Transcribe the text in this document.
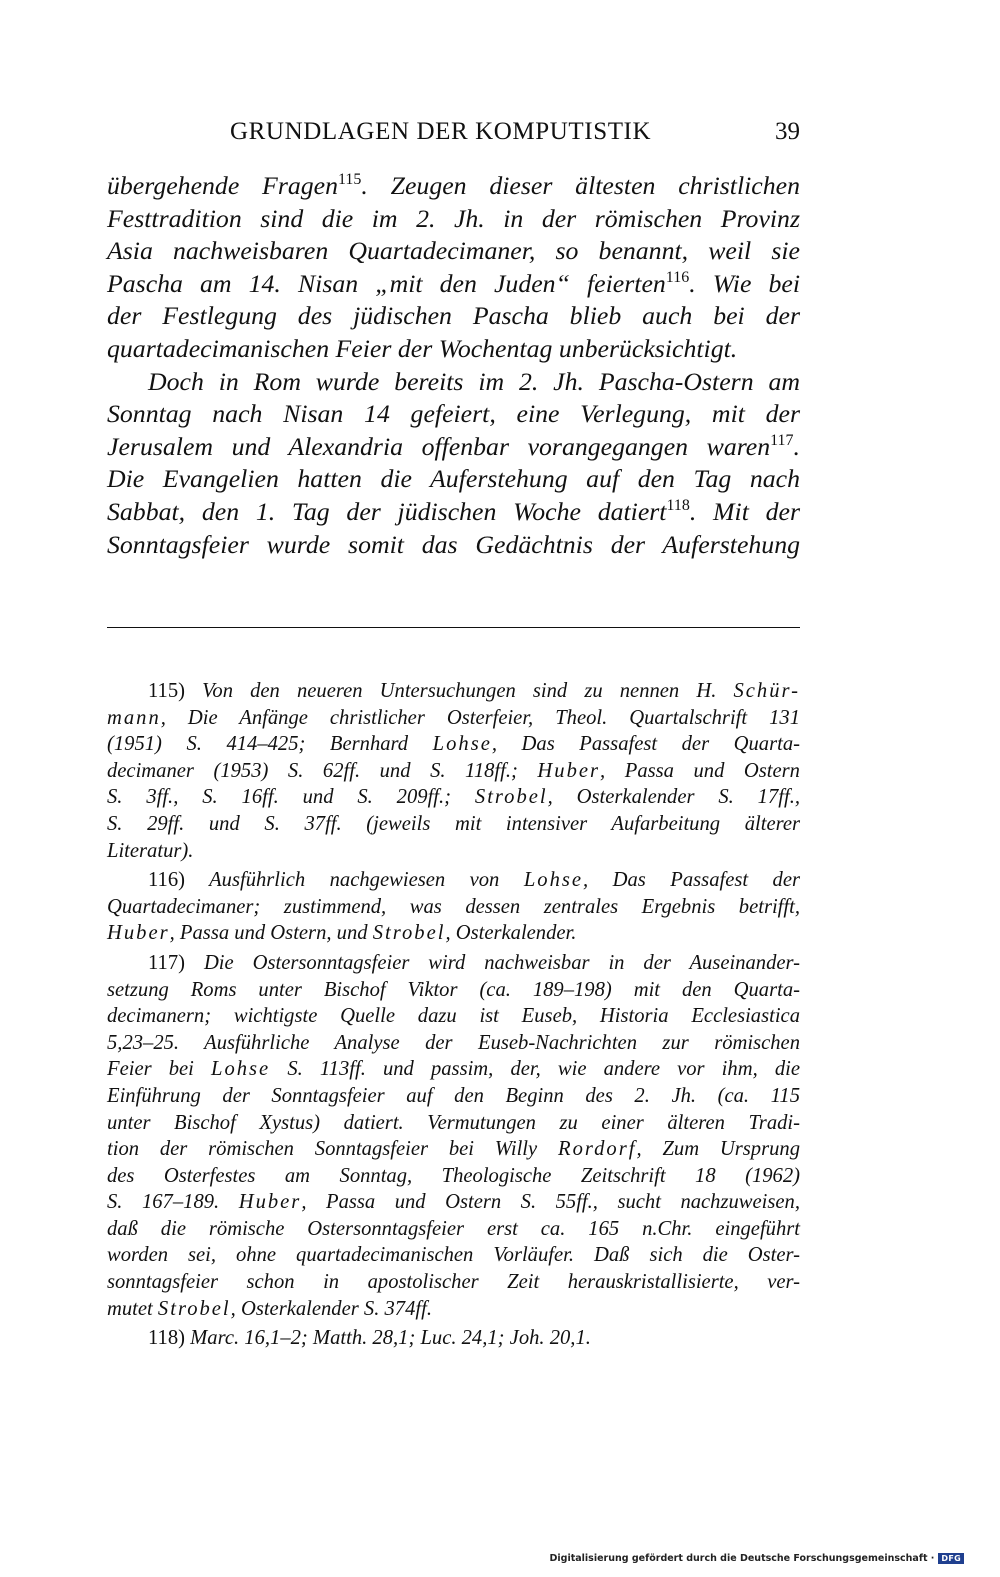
GRUNDLAGEN DER KOMPUTISTIK	39
übergehende Fragen$^{115}$. Zeugen dieser ältesten christlichen
Festtradition sind die im 2. Jh. in der römischen Provinz
Asia nachweisbaren Quartadecimaner, so benannt, weil sie
Pascha am 14. Nisan „mit den Juden“ feierten$^{116}$. Wie bei
der Festlegung des jüdischen Pascha blieb auch bei der
quartadecimanischen Feier der Wochentag unberücksichtigt.
Doch in Rom wurde bereits im 2. Jh. Pascha-Ostern am
Sonntag nach Nisan 14 gefeiert, eine Verlegung, mit der
Jerusalem und Alexandria offenbar vorangegangen waren$^{117}$.
Die Evangelien hatten die Auferstehung auf den Tag nach
Sabbat, den 1. Tag der jüdischen Woche datiert$^{118}$. Mit der
Sonntagsfeier wurde somit das Gedächtnis der Auferstehung
115) Von den neueren Untersuchungen sind zu nennen H. Schür-
mann, Die Anfänge christlicher Osterfeier, Theol. Quartalschrift 131
(1951) S. 414–425; Bernhard Lohse, Das Passafest der Quarta-
decimaner (1953) S. 62ff. und S. 118ff.; Huber, Passa und Ostern
S. 3ff., S. 16ff. und S. 209ff.; Strobel, Osterkalender S. 17ff.,
S. 29ff. und S. 37ff. (jeweils mit intensiver Aufarbeitung älterer
Literatur).
116) Ausführlich nachgewiesen von Lohse, Das Passafest der
Quartadecimaner; zustimmend, was dessen zentrales Ergebnis betrifft,
Huber, Passa und Ostern, und Strobel, Osterkalender.
117) Die Ostersonntagsfeier wird nachweisbar in der Auseinander-
setzung Roms unter Bischof Viktor (ca. 189–198) mit den Quarta-
decimanern; wichtigste Quelle dazu ist Euseb, Historia Ecclesiastica
5,23–25. Ausführliche Analyse der Euseb-Nachrichten zur römischen
Feier bei Lohse S. 113ff. und passim, der, wie andere vor ihm, die
Einführung der Sonntagsfeier auf den Beginn des 2. Jh. (ca. 115
unter Bischof Xystus) datiert. Vermutungen zu einer älteren Tradi-
tion der römischen Sonntagsfeier bei Willy Rordorf, Zum Ursprung
des Osterfestes am Sonntag, Theologische Zeitschrift 18 (1962)
S. 167–189. Huber, Passa und Ostern S. 55ff., sucht nachzuweisen,
daß die römische Ostersonntagsfeier erst ca. 165 n.Chr. eingeführt
worden sei, ohne quartadecimanischen Vorläufer. Daß sich die Oster-
sonntagsfeier schon in apostolischer Zeit herauskristallisierte, ver-
mutet Strobel, Osterkalender S. 374ff.
118) Marc. 16,1–2; Matth. 28,1; Luc. 24,1; Joh. 20,1.
Digitalisierung gefördert durch die Deutsche Forschungsgemeinschaft · DFG
